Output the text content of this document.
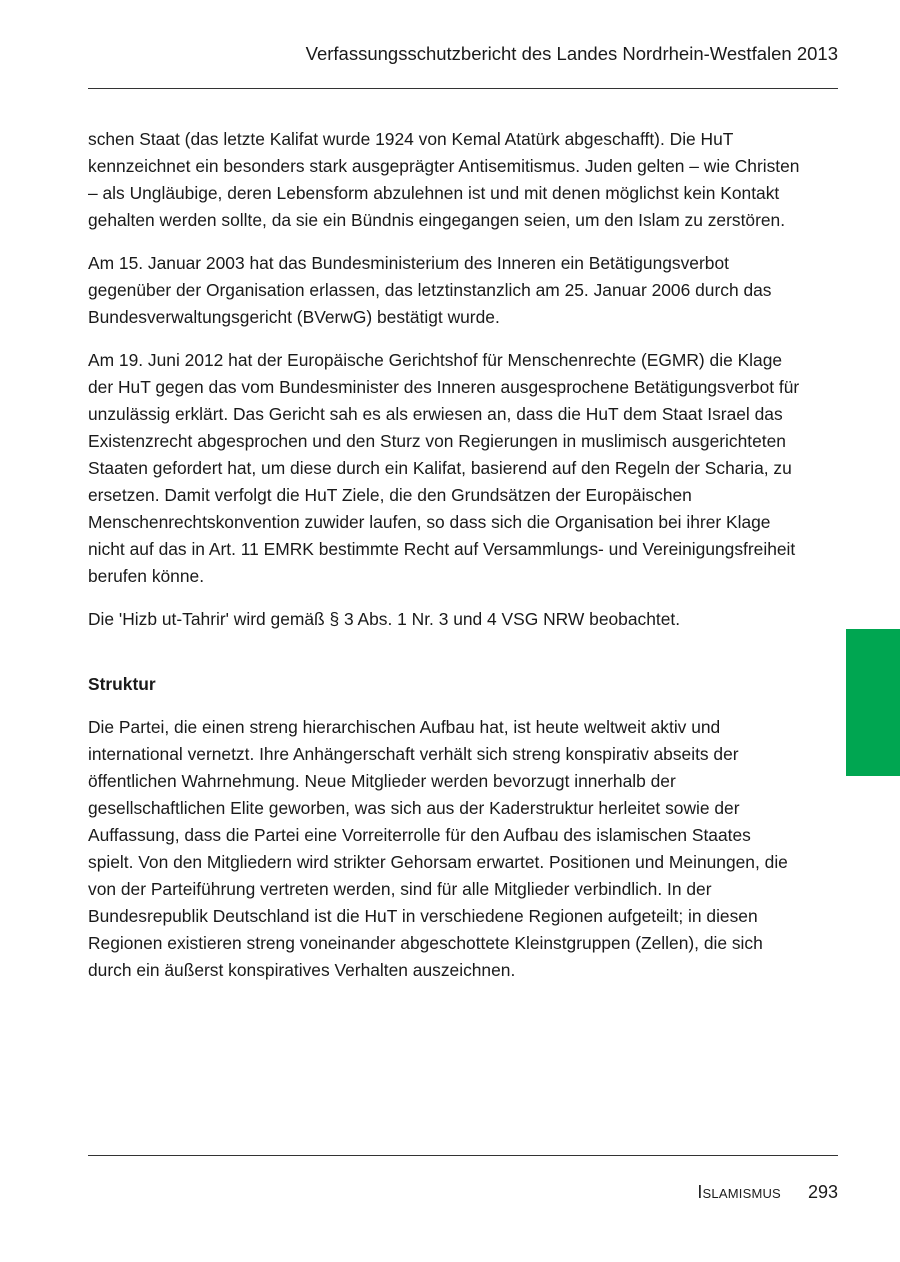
Verfassungsschutzbericht des Landes Nordrhein-Westfalen 2013

schen Staat (das letzte Kalifat wurde 1924 von Kemal Atatürk abgeschafft). Die HuT kennzeichnet ein besonders stark ausgeprägter Antisemitismus. Juden gelten – wie Christen – als Ungläubige, deren Lebensform abzulehnen ist und mit denen möglichst kein Kontakt gehalten werden sollte, da sie ein Bündnis eingegangen seien, um den Islam zu zerstören.

Am 15. Januar 2003 hat das Bundesministerium des Inneren ein Betätigungsverbot gegenüber der Organisation erlassen, das letztinstanzlich am 25. Januar 2006 durch das Bundesverwaltungsgericht (BVerwG) bestätigt wurde.

Am 19. Juni 2012 hat der Europäische Gerichtshof für Menschenrechte (EGMR) die Klage der HuT gegen das vom Bundesminister des Inneren ausgesprochene Betätigungsverbot für unzulässig erklärt. Das Gericht sah es als erwiesen an, dass die HuT dem Staat Israel das Existenzrecht abgesprochen und den Sturz von Regierungen in muslimisch ausgerichteten Staaten gefordert hat, um diese durch ein Kalifat, basierend auf den Regeln der Scharia, zu ersetzen. Damit verfolgt die HuT Ziele, die den Grundsätzen der Europäischen Menschenrechtskonvention zuwider laufen, so dass sich die Organisation bei ihrer Klage nicht auf das in Art. 11 EMRK bestimmte Recht auf Versammlungs- und Vereinigungsfreiheit berufen könne.

Die 'Hizb ut-Tahrir' wird gemäß § 3 Abs. 1 Nr. 3 und 4 VSG NRW beobachtet.

Struktur

Die Partei, die einen streng hierarchischen Aufbau hat, ist heute weltweit aktiv und international vernetzt. Ihre Anhängerschaft verhält sich streng konspirativ abseits der öffentlichen Wahrnehmung. Neue Mitglieder werden bevorzugt innerhalb der gesellschaftlichen Elite geworben, was sich aus der Kaderstruktur herleitet sowie der Auffassung, dass die Partei eine Vorreiterrolle für den Aufbau des islamischen Staates spielt. Von den Mitgliedern wird strikter Gehorsam erwartet. Positionen und Meinungen, die von der Parteiführung vertreten werden, sind für alle Mitglieder verbindlich. In der Bundesrepublik Deutschland ist die HuT in verschiedene Regionen aufgeteilt; in diesen Regionen existieren streng voneinander abgeschottete Kleinstgruppen (Zellen), die sich durch ein äußerst konspiratives Verhalten auszeichnen.

Islamismus 293
